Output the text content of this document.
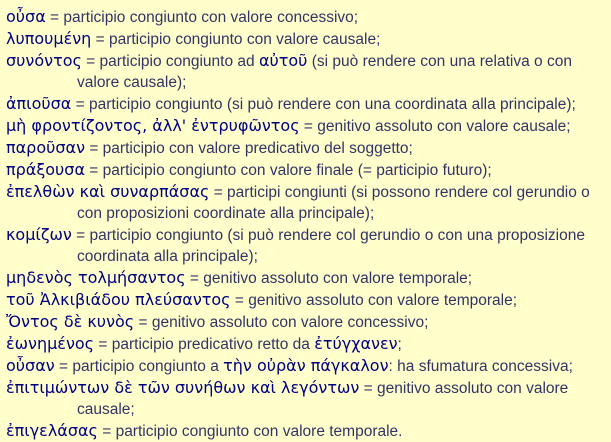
οὖσα = participio congiunto con valore concessivo;
λυπουμένη = participio congiunto con valore causale;
συνόντος = participio congiunto ad αὐτοῦ (si può rendere con una relativa o con valore causale);
ἀπιοῦσα = participio congiunto (si può rendere con una coordinata alla principale);
μὴ φροντίζοντος, ἀλλ' ἐντρυφῶντος = genitivo assoluto con valore causale;
παροῦσαν = participio con valore predicativo del soggetto;
πράξουσα = participio congiunto con valore finale (= participio futuro);
ἐπελθὼν καὶ συναρπάσας = participi congiunti (si possono rendere col gerundio o con proposizioni coordinate alla principale);
κομίζων = participio congiunto (si può rendere col gerundio o con una proposizione coordinata alla principale);
μηδενὸς τολμήσαντος = genitivo assoluto con valore temporale;
τοῦ Ἀλκιβιάδου πλεύσαντος = genitivo assoluto con valore temporale;
Ὄντος δὲ κυνὸς = genitivo assoluto con valore concessivo;
ἐωνημένος = participio predicativo retto da ἐτύγχανεν;
οὖσαν = participio congiunto a τὴν οὐρὰν πάγκαλον: ha sfumatura concessiva;
ἐπιτιμώντων δὲ τῶν συνήθων καὶ λεγόντων = genitivo assoluto con valore causale;
ἐπιγελάσας = participio congiunto con valore temporale.
